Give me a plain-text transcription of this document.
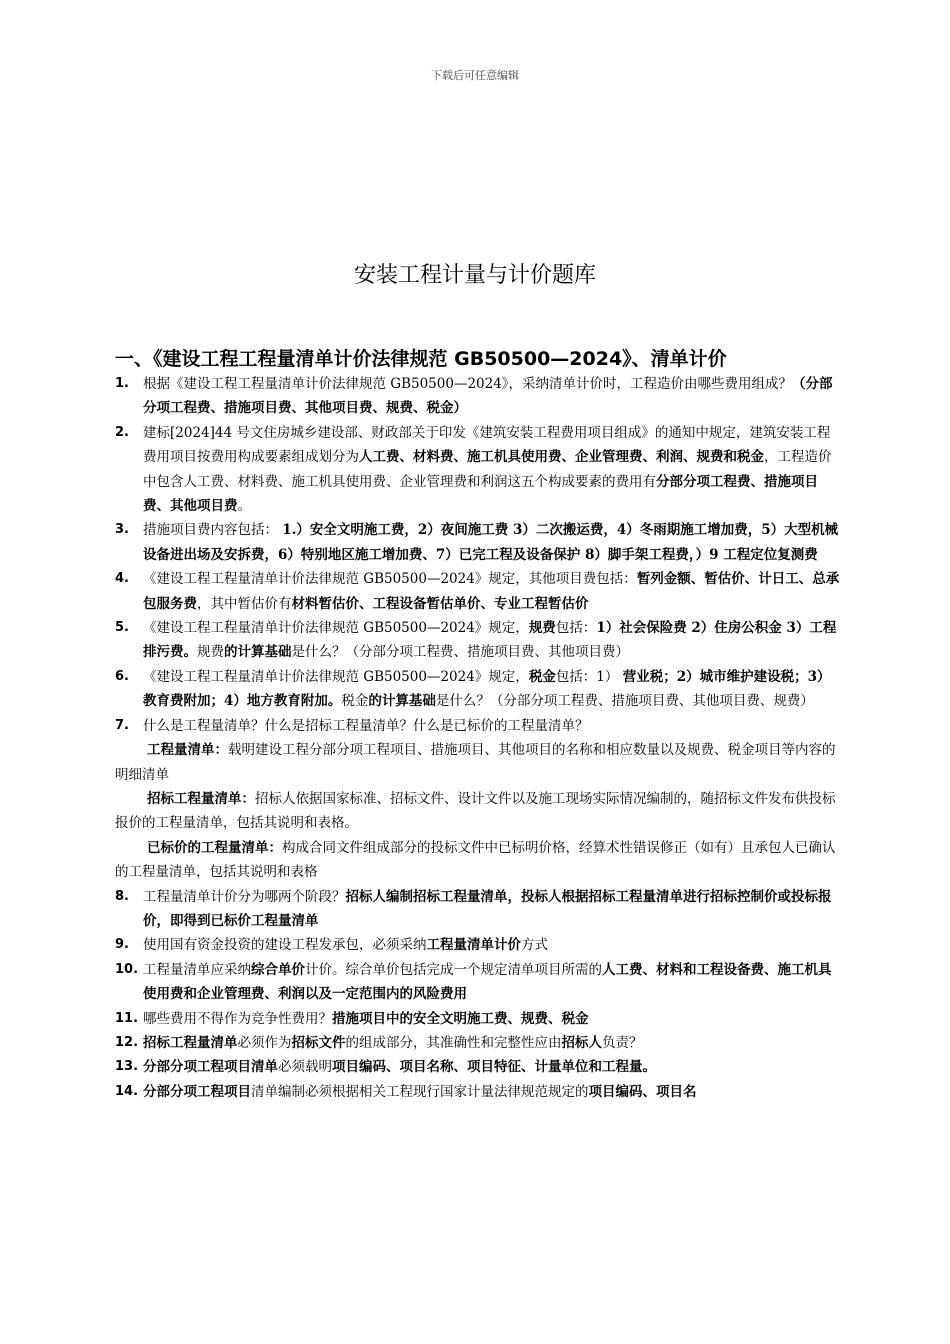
下载后可任意编辑
安装工程计量与计价题库
一、《建设工程工程量清单计价法律规范 GB50500—2024》、清单计价
1. 根据《建设工程工程量清单计价法律规范 GB50500—2024》，采纳清单计价时，工程造价由哪些费用组成？（分部分项工程费、措施项目费、其他项目费、规费、税金）
2. 建标[2024]44 号文住房城乡建设部、财政部关于印发《建筑安装工程费用项目组成》的通知中规定，建筑安装工程费用项目按费用构成要素组成划分为人工费、材料费、施工机具使用费、企业管理费、利润、规费和税金，工程造价中包含人工费、材料费、施工机具使用费、企业管理费和利润这五个构成要素的费用有分部分项工程费、措施项目费、其他项目费。
3. 措施项目费内容包括： 1.）安全文明施工费，2）夜间施工费 3）二次搬运费，4）冬雨期施工增加费，5）大型机械设备进出场及安拆费，6）特别地区施工增加费、7）已完工程及设备保护 8）脚手架工程费，）9 工程定位复测费
4. 《建设工程工程量清单计价法律规范 GB50500—2024》规定，其他项目费包括：暂列金额、暂估价、计日工、总承包服务费，其中暂估价有材料暂估价、工程设备暂估单价、专业工程暂估价
5. 《建设工程工程量清单计价法律规范 GB50500—2024》规定，规费包括：1）社会保险费 2）住房公积金 3）工程排污费。规费的计算基础是什么？（分部分项工程费、措施项目费、其他项目费）
6. 《建设工程工程量清单计价法律规范 GB50500—2024》规定，税金包括：1） 营业税；2）城市维护建设税；3）教育费附加；4）地方教育附加。税金的计算基础是什么？（分部分项工程费、措施项目费、其他项目费、规费）
7. 什么是工程量清单？什么是招标工程量清单？什么是已标价的工程量清单？
工程量清单：载明建设工程分部分项工程项目、措施项目、其他项目的名称和相应数量以及规费、税金项目等内容的明细清单
招标工程量清单：招标人依据国家标准、招标文件、设计文件以及施工现场实际情况编制的，随招标文件发布供投标报价的工程量清单，包括其说明和表格。
已标价的工程量清单：构成合同文件组成部分的投标文件中已标明价格，经算术性错误修正（如有）且承包人已确认的工程量清单，包括其说明和表格
8. 工程量清单计价分为哪两个阶段？招标人编制招标工程量清单，投标人根据招标工程量清单进行招标控制价或投标报价，即得到已标价工程量清单
9. 使用国有资金投资的建设工程发承包，必须采纳工程量清单计价方式
10. 工程量清单应采纳综合单价计价。综合单价包括完成一个规定清单项目所需的人工费、材料和工程设备费、施工机具使用费和企业管理费、利润以及一定范围内的风险费用
11. 哪些费用不得作为竞争性费用？措施项目中的安全文明施工费、规费、税金
12. 招标工程量清单必须作为招标文件的组成部分，其准确性和完整性应由招标人负责？
13. 分部分项工程项目清单必须载明项目编码、项目名称、项目特征、计量单位和工程量。
14. 分部分项工程项目清单编制必须根据相关工程现行国家计量法律规范规定的项目编码、项目名
